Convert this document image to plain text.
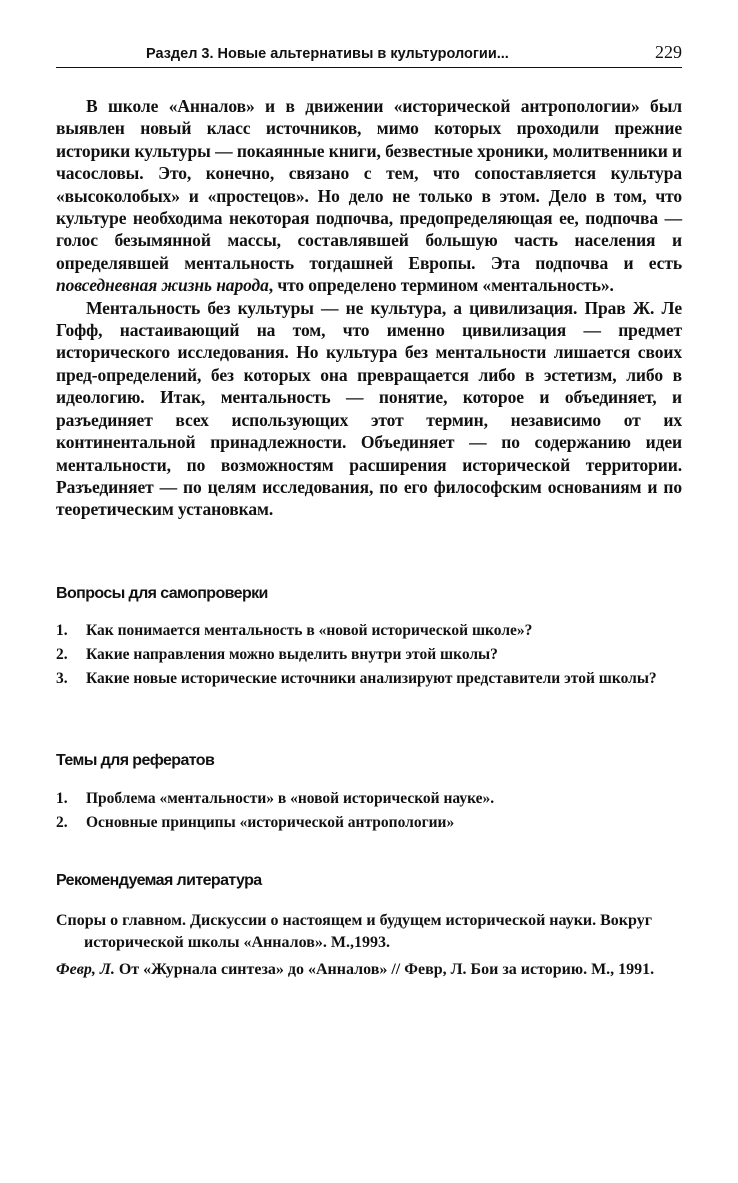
Раздел 3. Новые альтернативы в культурологии...	229

В школе «Анналов» и в движении «исторической антропологии» был выявлен новый класс источников, мимо которых проходили прежние историки культуры — покаянные книги, безвестные хроники, молитвенники и часословы. Это, конечно, связано с тем, что сопоставляется культура «высоколобых» и «простецов». Но дело не только в этом. Дело в том, что культуре необходима некоторая подпочва, предопределяющая ее, подпочва — голос безымянной массы, составлявшей большую часть населения и определявшей ментальность тогдашней Европы. Эта подпочва и есть повседневная жизнь народа, что определено термином «ментальность».

Ментальность без культуры — не культура, а цивилизация. Прав Ж. Ле Гофф, настаивающий на том, что именно цивилизация — предмет исторического исследования. Но культура без ментальности лишается своих пред-определений, без которых она превращается либо в эстетизм, либо в идеологию. Итак, ментальность — понятие, которое и объединяет, и разъединяет всех использующих этот термин, независимо от их континентальной принадлежности. Объединяет — по содержанию идеи ментальности, по возможностям расширения исторической территории. Разъединяет — по целям исследования, по его философским основаниям и по теоретическим установкам.

Вопросы для самопроверки
1. Как понимается ментальность в «новой исторической школе»?
2. Какие направления можно выделить внутри этой школы?
3. Какие новые исторические источники анализируют представители этой школы?
Темы для рефератов
1. Проблема «ментальности» в «новой исторической науке».
2. Основные принципы «исторической антропологии»
Рекомендуемая литература

Споры о главном. Дискуссии о настоящем и будущем исторической науки. Вокруг исторической школы «Анналов». М.,1993.

Февр, Л. От «Журнала синтеза» до «Анналов» // Февр, Л. Бои за историю. М., 1991.
